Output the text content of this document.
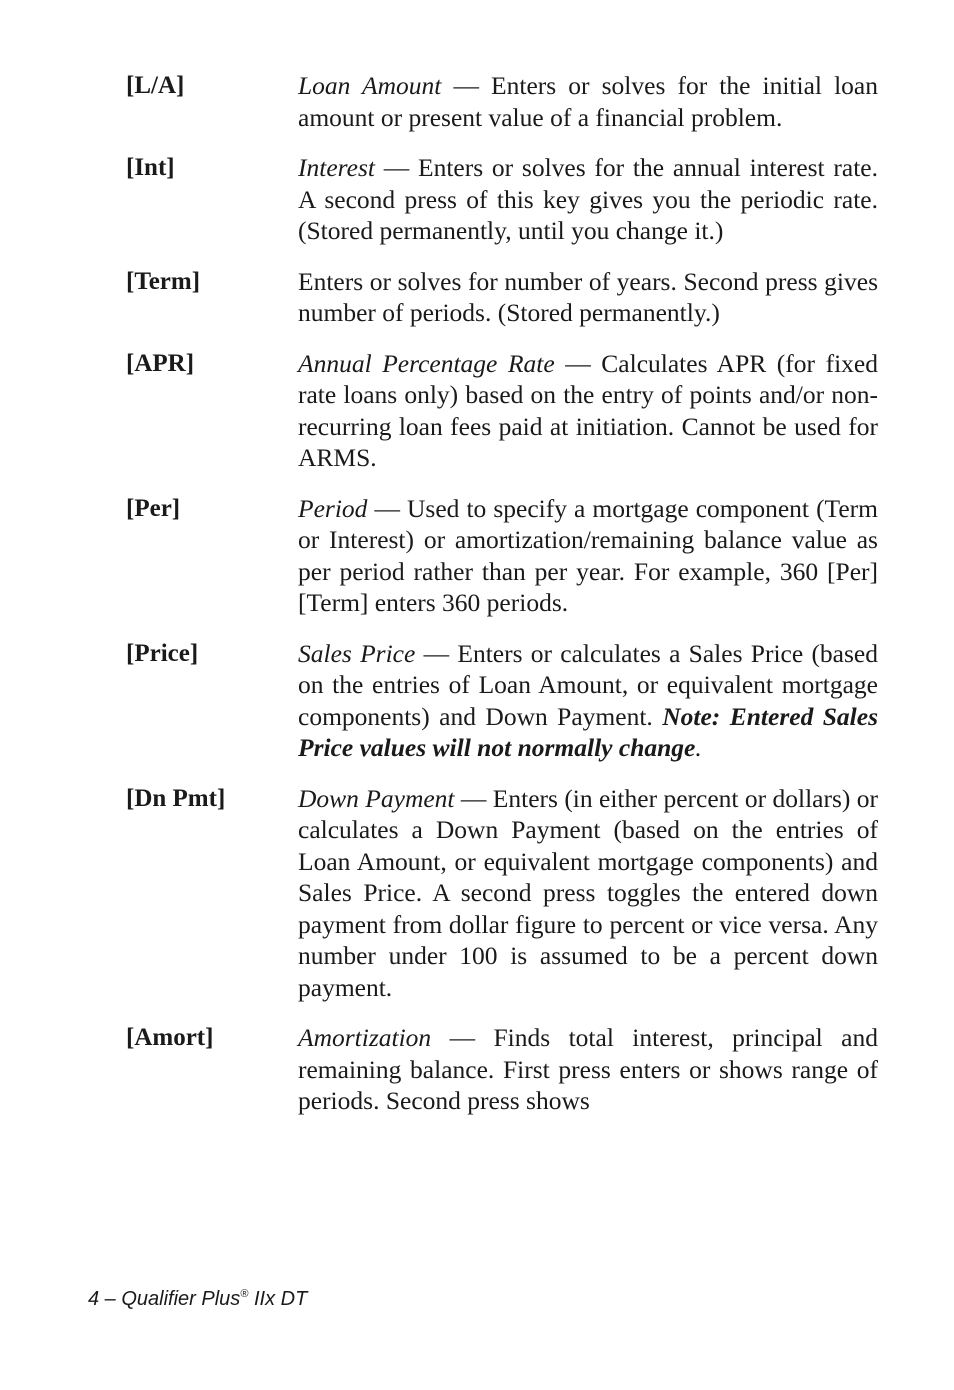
[L/A]	Loan Amount — Enters or solves for the initial loan amount or present value of a financial problem.
[Int]	Interest — Enters or solves for the annual interest rate. A second press of this key gives you the periodic rate. (Stored permanently, until you change it.)
[Term]	Enters or solves for number of years. Second press gives number of periods. (Stored permanently.)
[APR]	Annual Percentage Rate — Calculates APR (for fixed rate loans only) based on the entry of points and/or non-recurring loan fees paid at initiation. Cannot be used for ARMS.
[Per]	Period — Used to specify a mortgage component (Term or Interest) or amortization/remaining balance value as per period rather than per year. For example, 360 [Per] [Term] enters 360 periods.
[Price]	Sales Price — Enters or calculates a Sales Price (based on the entries of Loan Amount, or equivalent mortgage components) and Down Payment. Note: Entered Sales Price values will not normally change.
[Dn Pmt]	Down Payment — Enters (in either percent or dollars) or calculates a Down Payment (based on the entries of Loan Amount, or equivalent mortgage components) and Sales Price. A second press toggles the entered down payment from dollar figure to percent or vice versa. Any number under 100 is assumed to be a percent down payment.
[Amort]	Amortization — Finds total interest, principal and remaining balance. First press enters or shows range of periods. Second press shows
4 – Qualifier Plus® IIx DT
